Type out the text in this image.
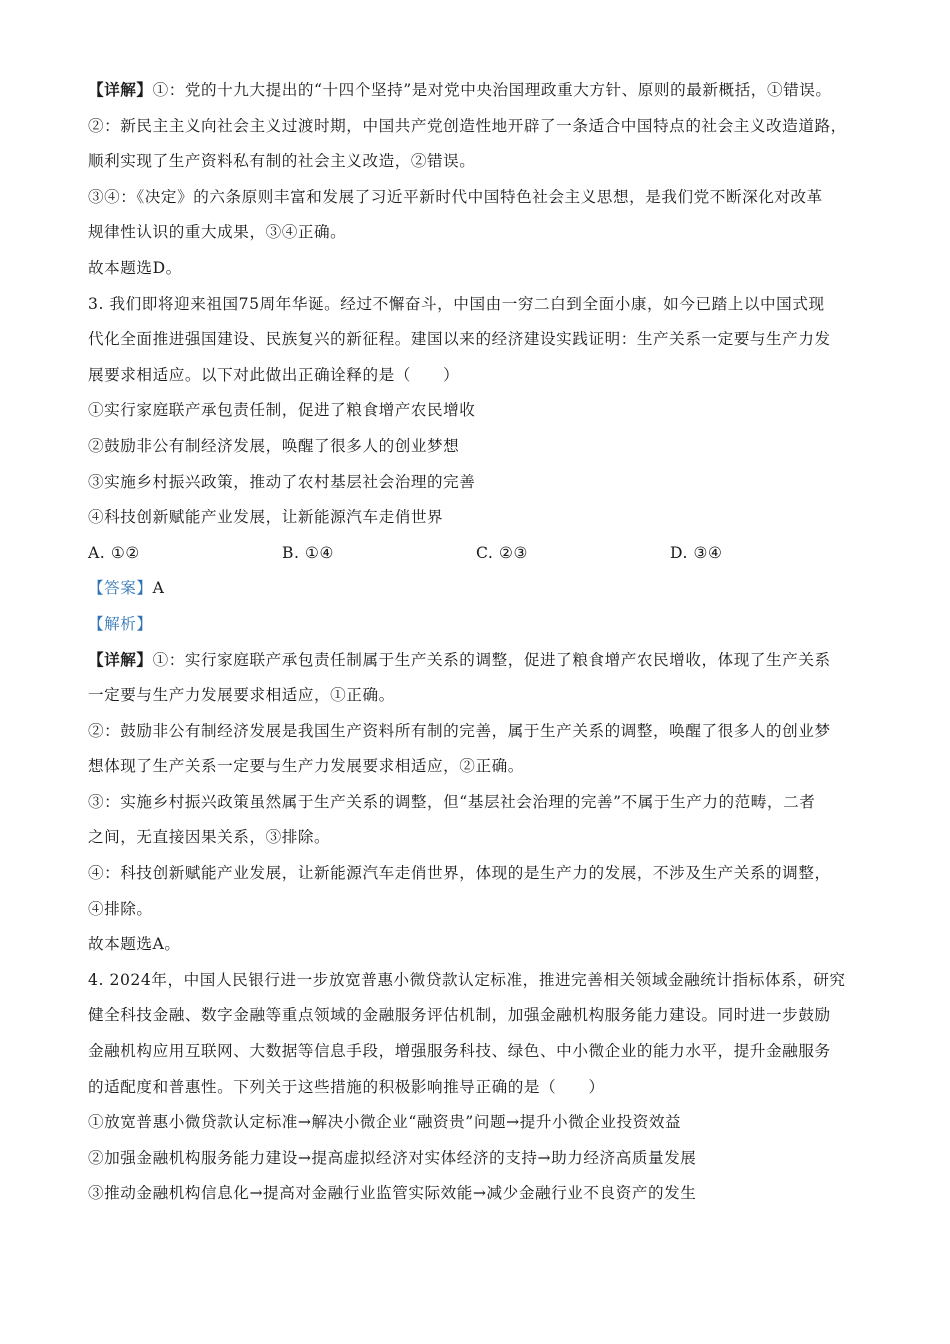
【详解】①：党的十九大提出的“十四个坚持”是对党中央治国理政重大方针、原则的最新概括，①错误。
②：新民主主义向社会主义过渡时期，中国共产党创造性地开辟了一条适合中国特点的社会主义改造道路，
顺利实现了生产资料私有制的社会主义改造，②错误。
③④：《决定》的六条原则丰富和发展了习近平新时代中国特色社会主义思想，是我们党不断深化对改革
规律性认识的重大成果，③④正确。
故本题选D。
3. 我们即将迎来祖国75周年华诞。经过不懈奋斗，中国由一穷二白到全面小康，如今已踏上以中国式现
代化全面推进强国建设、民族复兴的新征程。建国以来的经济建设实践证明：生产关系一定要与生产力发
展要求相适应。以下对此做出正确诠释的是（　　）
①实行家庭联产承包责任制，促进了粮食增产农民增收
②鼓励非公有制经济发展，唤醒了很多人的创业梦想
③实施乡村振兴政策，推动了农村基层社会治理的完善
④科技创新赋能产业发展，让新能源汽车走俏世界
A. ①②	B. ①④	C. ②③	D. ③④
【答案】A
【解析】
【详解】①：实行家庭联产承包责任制属于生产关系的调整，促进了粮食增产农民增收，体现了生产关系
一定要与生产力发展要求相适应，①正确。
②：鼓励非公有制经济发展是我国生产资料所有制的完善，属于生产关系的调整，唤醒了很多人的创业梦
想体现了生产关系一定要与生产力发展要求相适应，②正确。
③：实施乡村振兴政策虽然属于生产关系的调整，但“基层社会治理的完善”不属于生产力的范畴，二者
之间，无直接因果关系，③排除。
④：科技创新赋能产业发展，让新能源汽车走俏世界，体现的是生产力的发展，不涉及生产关系的调整，
④排除。
故本题选A。
4. 2024年，中国人民银行进一步放宽普惠小微贷款认定标准，推进完善相关领域金融统计指标体系，研究
健全科技金融、数字金融等重点领域的金融服务评估机制，加强金融机构服务能力建设。同时进一步鼓励
金融机构应用互联网、大数据等信息手段，增强服务科技、绿色、中小微企业的能力水平，提升金融服务
的适配度和普惠性。下列关于这些措施的积极影响推导正确的是（　　）
①放宽普惠小微贷款认定标准→解决小微企业“融资贵”问题→提升小微企业投资效益
②加强金融机构服务能力建设→提高虚拟经济对实体经济的支持→助力经济高质量发展
③推动金融机构信息化→提高对金融行业监管实际效能→减少金融行业不良资产的发生
